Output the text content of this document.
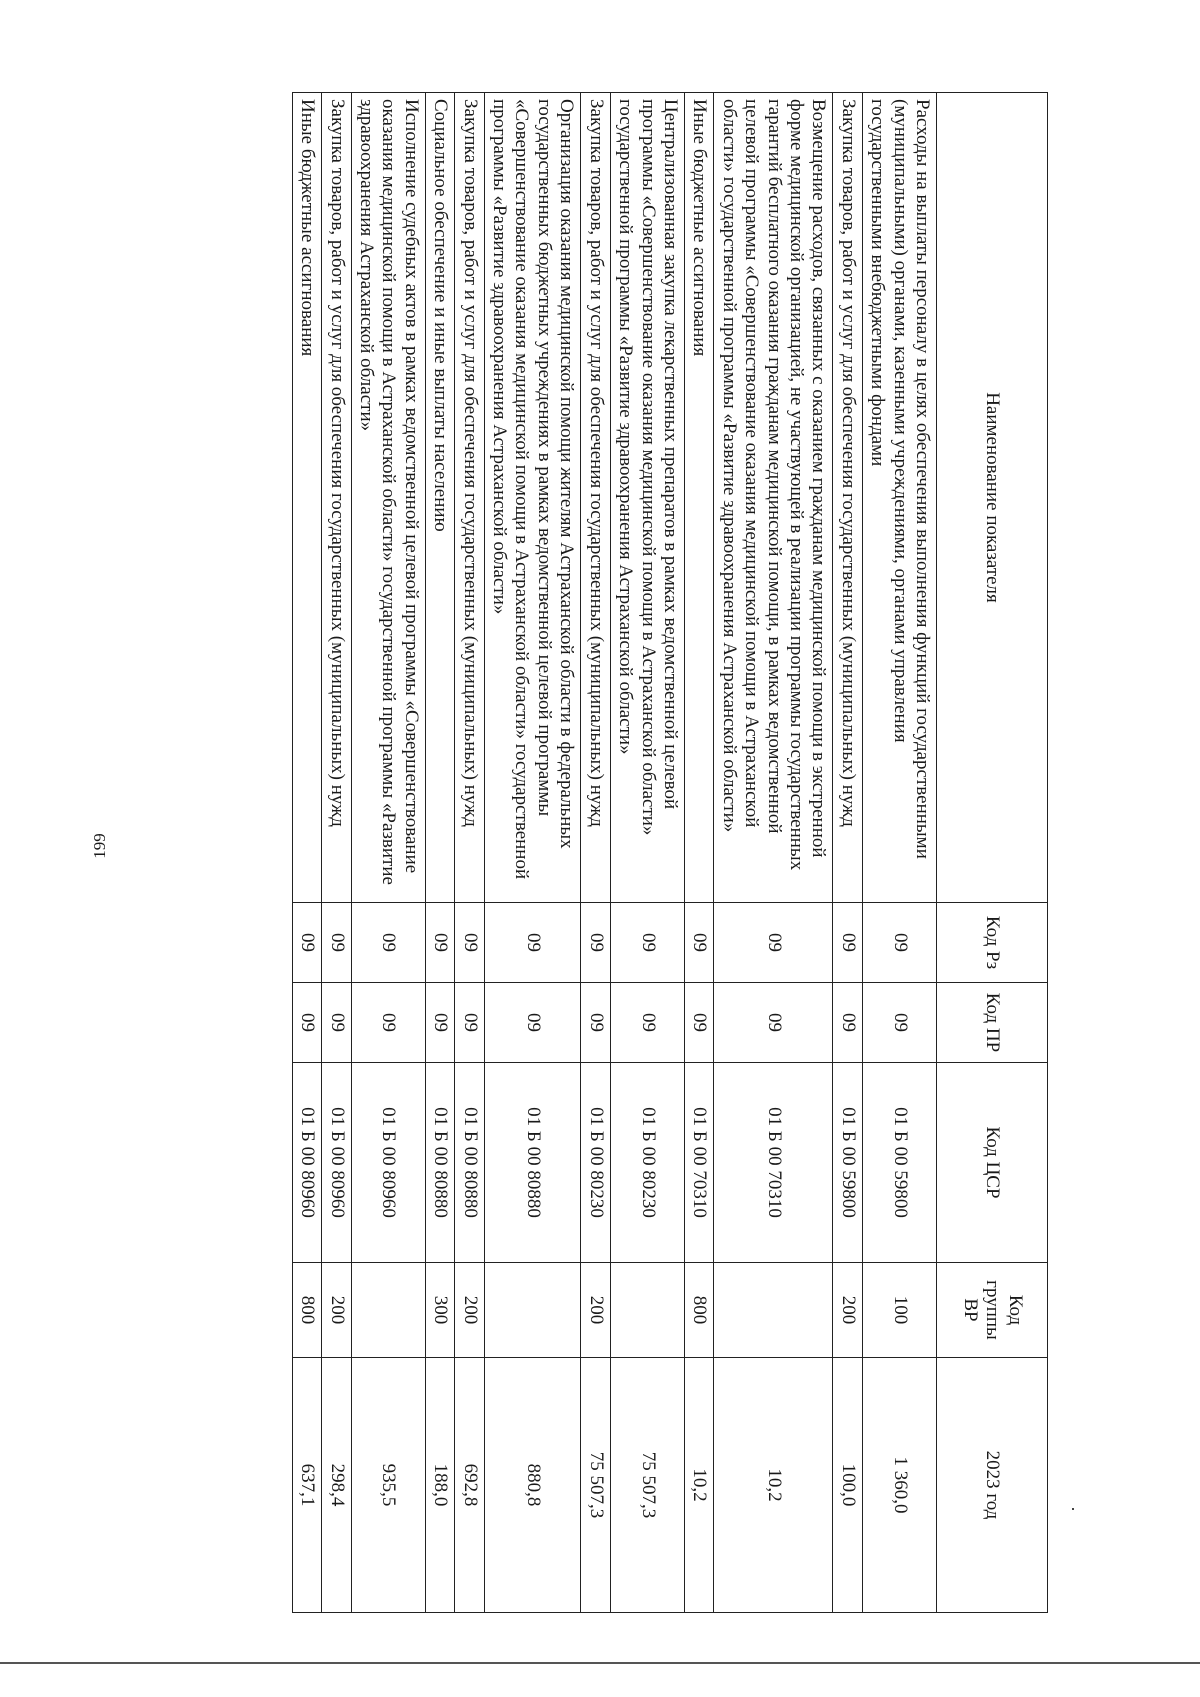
199
Наименование показателя	Код Рз	Код ПР	Код ЦСР	Код группы ВР	2023 год
Расходы на выплаты персоналу в целях обеспечения выполнения функций государственными (муниципальными) органами, казенными учреждениями, органами управления государственными внебюджетными фондами	09	09	01 Б 00 59800	100	1 360,0
Закупка товаров, работ и услуг для обеспечения государственных (муниципальных) нужд	09	09	01 Б 00 59800	200	100,0
Возмещение расходов, связанных с оказанием гражданам медицинской помощи в экстренной форме медицинской организацией, не участвующей в реализации программы государственных гарантий бесплатного оказания гражданам медицинской помощи, в рамках ведомственной целевой программы «Совершенствование оказания медицинской помощи в Астраханской области» государственной программы «Развитие здравоохранения Астраханской области»	09	09	01 Б 00 70310		10,2
Иные бюджетные ассигнования	09	09	01 Б 00 70310	800	10,2
Централизованная закупка лекарственных препаратов в рамках ведомственной целевой программы «Совершенствование оказания медицинской помощи в Астраханской области» государственной программы «Развитие здравоохранения Астраханской области»	09	09	01 Б 00 80230		75 507,3
Закупка товаров, работ и услуг для обеспечения государственных (муниципальных) нужд	09	09	01 Б 00 80230	200	75 507,3
Организация оказания медицинской помощи жителям Астраханской области в федеральных государственных бюджетных учреждениях в рамках ведомственной целевой программы «Совершенствование оказания медицинской помощи в Астраханской области» государственной программы «Развитие здравоохранения Астраханской области»	09	09	01 Б 00 80880		880,8
Закупка товаров, работ и услуг для обеспечения государственных (муниципальных) нужд	09	09	01 Б 00 80880	200	692,8
Социальное обеспечение и иные выплаты населению	09	09	01 Б 00 80880	300	188,0
Исполнение судебных актов в рамках ведомственной целевой программы «Совершенствование оказания медицинской помощи в Астраханской области» государственной программы «Развитие здравоохранения Астраханской области»	09	09	01 Б 00 80960		935,5
Закупка товаров, работ и услуг для обеспечения государственных (муниципальных) нужд	09	09	01 Б 00 80960	200	298,4
Иные бюджетные ассигнования	09	09	01 Б 00 80960	800	637,1
